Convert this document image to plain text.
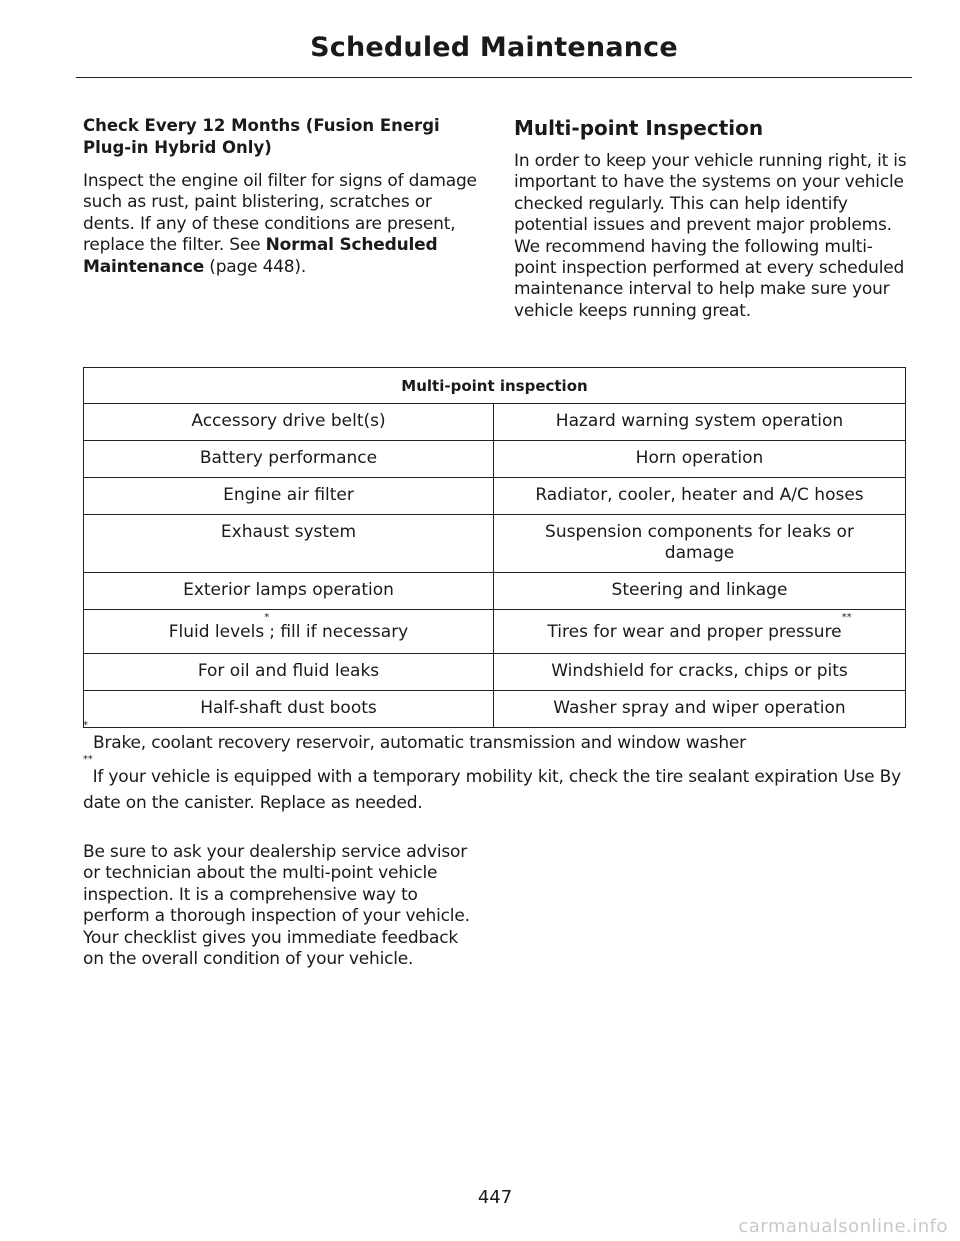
Scheduled Maintenance
Check Every 12 Months (Fusion Energi Plug-in Hybrid Only)

Inspect the engine oil filter for signs of damage such as rust, paint blistering, scratches or dents. If any of these conditions are present, replace the filter. See Normal Scheduled Maintenance (page 448).

Multi-point Inspection

In order to keep your vehicle running right, it is important to have the systems on your vehicle checked regularly. This can help identify potential issues and prevent major problems. We recommend having the following multi-point inspection performed at every scheduled maintenance interval to help make sure your vehicle keeps running great.

Multi-point inspection	
Accessory drive belt(s)	Hazard warning system operation
Battery performance	Horn operation
Engine air filter	Radiator, cooler, heater and A/C hoses
Exhaust system	Suspension components for leaks or damage
Exterior lamps operation	Steering and linkage
Fluid levels*; fill if necessary	Tires for wear and proper pressure**
For oil and fluid leaks	Windshield for cracks, chips or pits
Half-shaft dust boots	Washer spray and wiper operation

* Brake, coolant recovery reservoir, automatic transmission and window washer

**If your vehicle is equipped with a temporary mobility kit, check the tire sealant expiration Use By date on the canister. Replace as needed.

Be sure to ask your dealership service advisor or technician about the multi-point vehicle inspection. It is a comprehensive way to perform a thorough inspection of your vehicle. Your checklist gives you immediate feedback on the overall condition of your vehicle.

447
carmanualsonline.info
